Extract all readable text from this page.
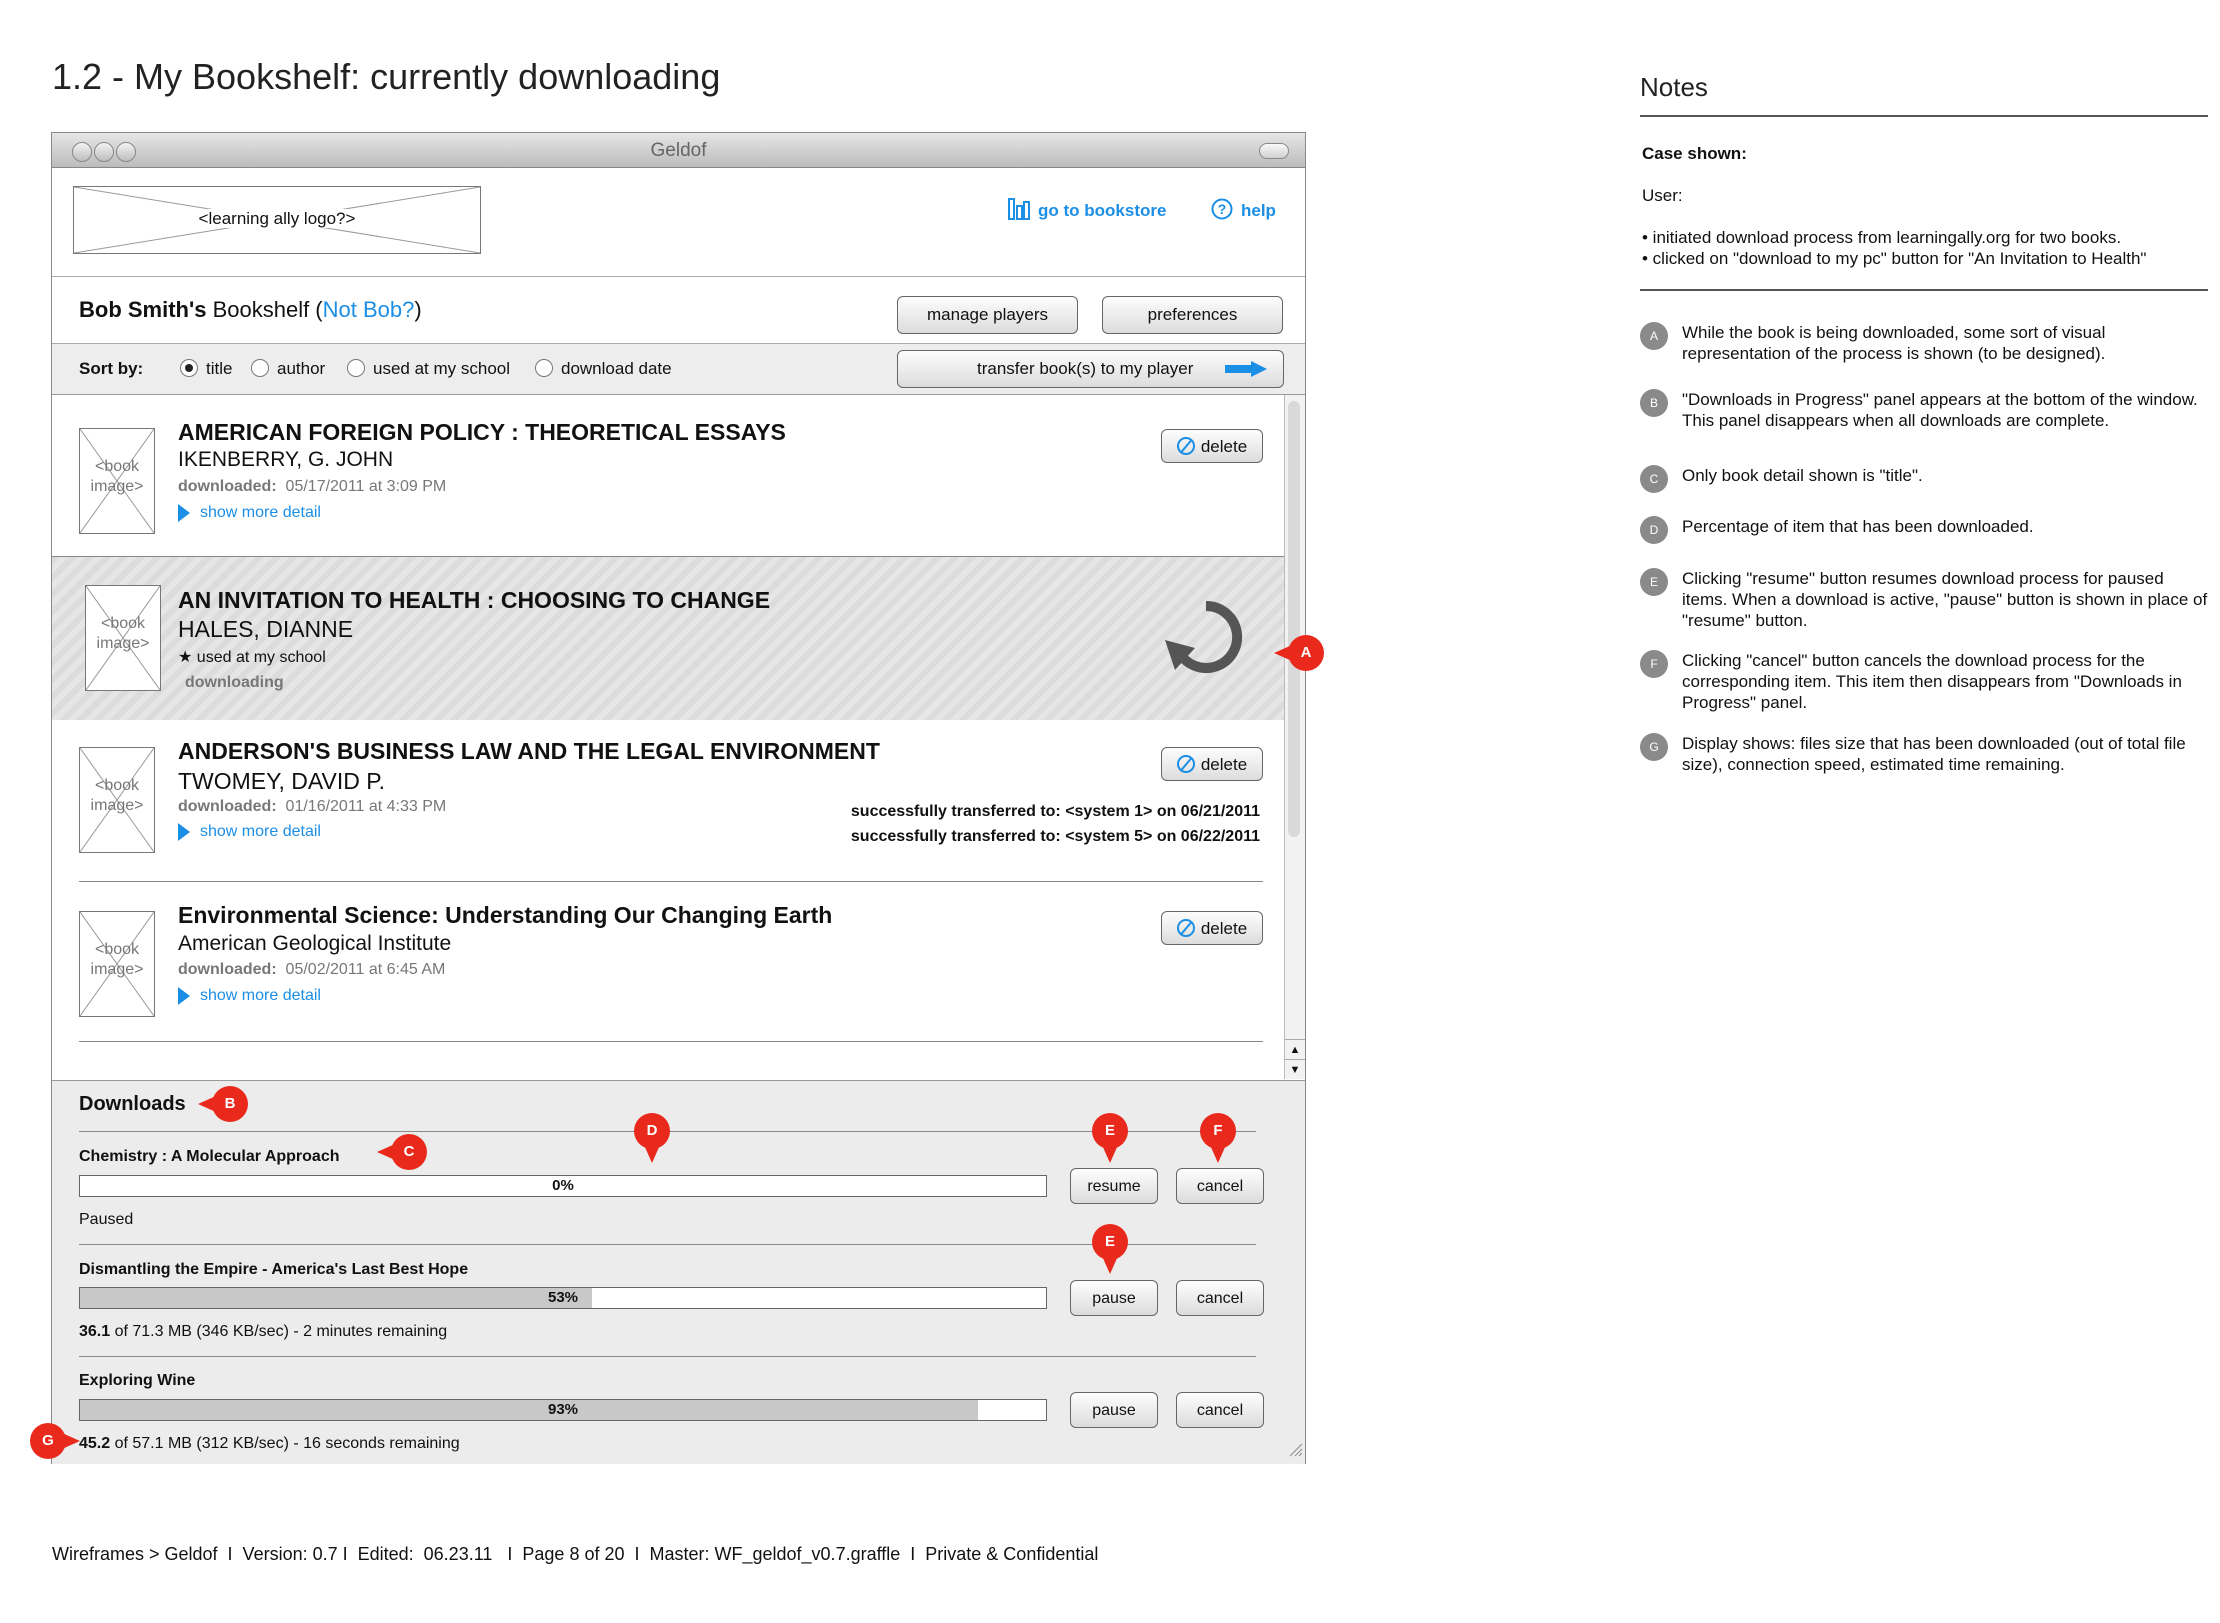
1.2 - My Bookshelf: currently downloading
Geldof
<learning ally logo?>	go to bookstore	? help
Bob Smith's Bookshelf (Not Bob?)	manage players	preferences
Sort by:	title	author	used at my school	download date	transfer book(s) to my player
<book image>
AMERICAN FOREIGN POLICY : THEORETICAL ESSAYS
IKENBERRY, G. JOHN
downloaded: 05/17/2011 at 3:09 PM
show more detail
delete
<book image>
AN INVITATION TO HEALTH : CHOOSING TO CHANGE
HALES, DIANNE
★ used at my school
downloading
<book image>
ANDERSON'S BUSINESS LAW AND THE LEGAL ENVIRONMENT
TWOMEY, DAVID P.
downloaded: 01/16/2011 at 4:33 PM
show more detail
delete
successfully transferred to: <system 1> on 06/21/2011
successfully transferred to: <system 5> on 06/22/2011
<book image>
Environmental Science: Understanding Our Changing Earth
American Geological Institute
downloaded: 05/02/2011 at 6:45 AM
show more detail
delete
▲
▼
Downloads
Chemistry : A Molecular Approach
0%
Paused
resume	cancel
Dismantling the Empire - America's Last Best Hope
53%
36.1 of 71.3 MB (346 KB/sec) - 2 minutes remaining
pause	cancel
Exploring Wine
93%
45.2 of 57.1 MB (312 KB/sec) - 16 seconds remaining
pause	cancel
A
B
C
D	E	F
E
G
Notes
Case shown:
User:
• initiated download process from learningally.org for two books.
• clicked on "download to my pc" button for "An Invitation to Health"
A	While the book is being downloaded, some sort of visual representation of the process is shown (to be designed).
B	"Downloads in Progress" panel appears at the bottom of the window. This panel disappears when all downloads are complete.
C	Only book detail shown is "title".
D	Percentage of item that has been downloaded.
E	Clicking "resume" button resumes download process for paused items. When a download is active, "pause" button is shown in place of "resume" button.
F	Clicking "cancel" button cancels the download process for the corresponding item. This item then disappears from "Downloads in Progress" panel.
G	Display shows: files size that has been downloaded (out of total file size), connection speed, estimated time remaining.
Wireframes > Geldof  I  Version: 0.7 I  Edited:  06.23.11   I  Page 8 of 20  I  Master: WF_geldof_v0.7.graffle  I  Private & Confidential
